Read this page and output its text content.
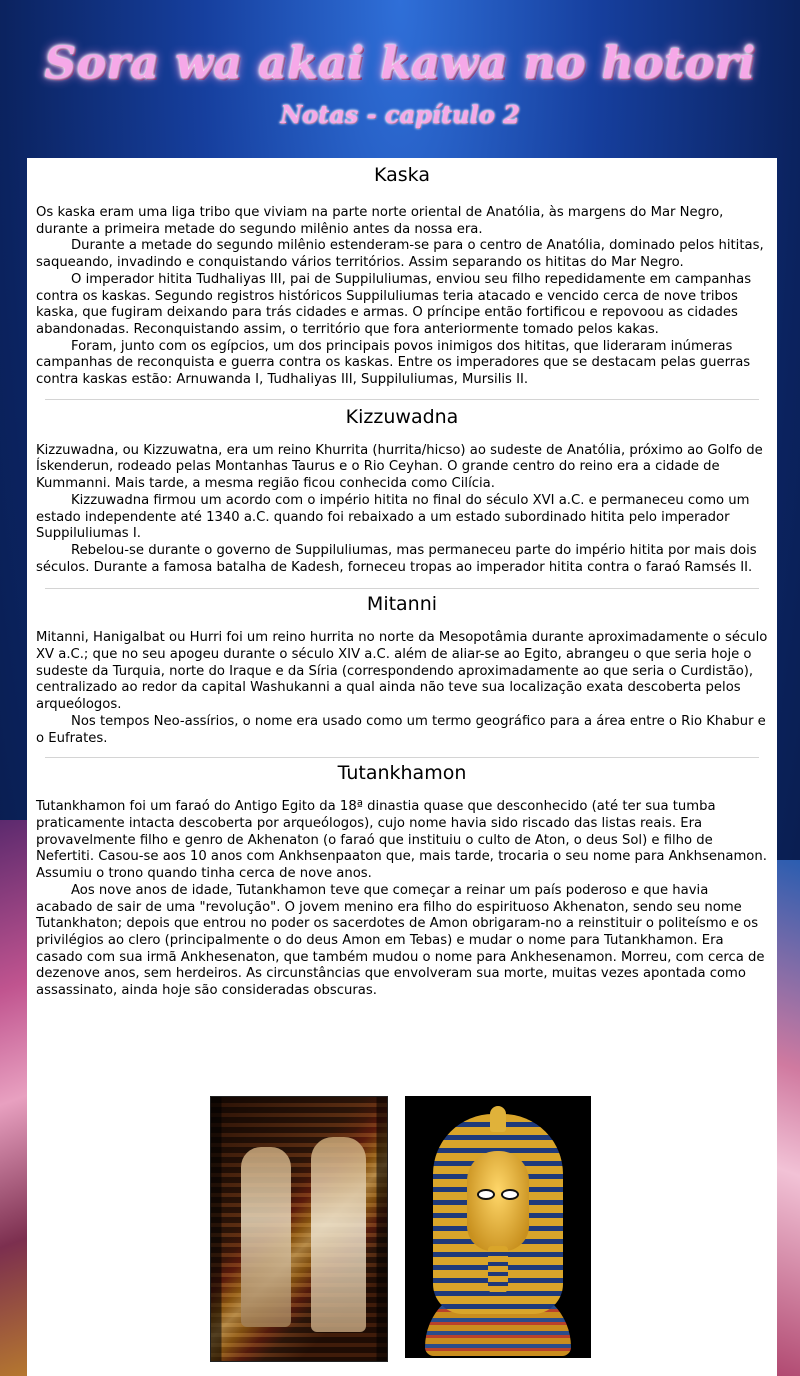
Sora wa akai kawa no hotori
Notas - capítulo 2
Kaska

Os kaska eram uma liga tribo que viviam na parte norte oriental de Anatólia, às margens do Mar Negro, durante a primeira metade do segundo milênio antes da nossa era.

Durante a metade do segundo milênio estenderam-se para o centro de Anatólia, dominado pelos hititas, saqueando, invadindo e conquistando vários territórios. Assim separando os hititas do Mar Negro.

O imperador hitita Tudhaliyas III, pai de Suppiluliumas, enviou seu filho repedidamente em campanhas contra os kaskas. Segundo registros históricos Suppiluliumas teria atacado e vencido cerca de nove tribos kaska, que fugiram deixando para trás cidades e armas. O príncipe então fortificou e repovoou as cidades abandonadas. Reconquistando assim, o território que fora anteriormente tomado pelos kakas.

Foram, junto com os egípcios, um dos principais povos inimigos dos hititas, que lideraram inúmeras campanhas de reconquista e guerra contra os kaskas. Entre os imperadores que se destacam pelas guerras contra kaskas estão: Arnuwanda I, Tudhaliyas III, Suppiluliumas, Mursilis II.

Kizzuwadna

Kizzuwadna, ou Kizzuwatna, era um reino Khurrita (hurrita/hicso) ao sudeste de Anatólia, próximo ao Golfo de Ískenderun, rodeado pelas Montanhas Taurus e o Rio Ceyhan. O grande centro do reino era a cidade de Kummanni. Mais tarde, a mesma região ficou conhecida como Cilícia.

Kizzuwadna firmou um acordo com o império hitita no final do século XVI a.C. e permaneceu como um estado independente até 1340 a.C. quando foi rebaixado a um estado subordinado hitita pelo imperador Suppiluliumas I.

Rebelou-se durante o governo de Suppiluliumas, mas permaneceu parte do império hitita por mais dois séculos. Durante a famosa batalha de Kadesh, forneceu tropas ao imperador hitita contra o faraó Ramsés II.

Mitanni

Mitanni, Hanigalbat ou Hurri foi um reino hurrita no norte da Mesopotâmia durante aproximadamente o século XV a.C.; que no seu apogeu durante o século XIV a.C. além de aliar-se ao Egito, abrangeu o que seria hoje o sudeste da Turquia, norte do Iraque e da Síria (correspondendo aproximadamente ao que seria o Curdistão), centralizado ao redor da capital Washukanni a qual ainda não teve sua localização exata descoberta pelos arqueólogos.

Nos tempos Neo-assírios, o nome era usado como um termo geográfico para a área entre o Rio Khabur e o Eufrates.

Tutankhamon

Tutankhamon foi um faraó do Antigo Egito da 18ª dinastia quase que desconhecido (até ter sua tumba praticamente intacta descoberta por arqueólogos), cujo nome havia sido riscado das listas reais. Era provavelmente filho e genro de Akhenaton (o faraó que instituiu o culto de Aton, o deus Sol) e filho de Nefertiti. Casou-se aos 10 anos com Ankhsenpaaton que, mais tarde, trocaria o seu nome para Ankhsenamon. Assumiu o trono quando tinha cerca de nove anos.

Aos nove anos de idade, Tutankhamon teve que começar a reinar um país poderoso e que havia acabado de sair de uma "revolução". O jovem menino era filho do espirituoso Akhenaton, sendo seu nome Tutankhaton; depois que entrou no poder os sacerdotes de Amon obrigaram-no a reinstituir o politeísmo e os privilégios ao clero (principalmente o do deus Amon em Tebas) e mudar o nome para Tutankhamon. Era casado com sua irmã Ankhesenaton, que também mudou o nome para Ankhesenamon. Morreu, com cerca de dezenove anos, sem herdeiros. As circunstâncias que envolveram sua morte, muitas vezes apontada como assassinato, ainda hoje são consideradas obscuras.
